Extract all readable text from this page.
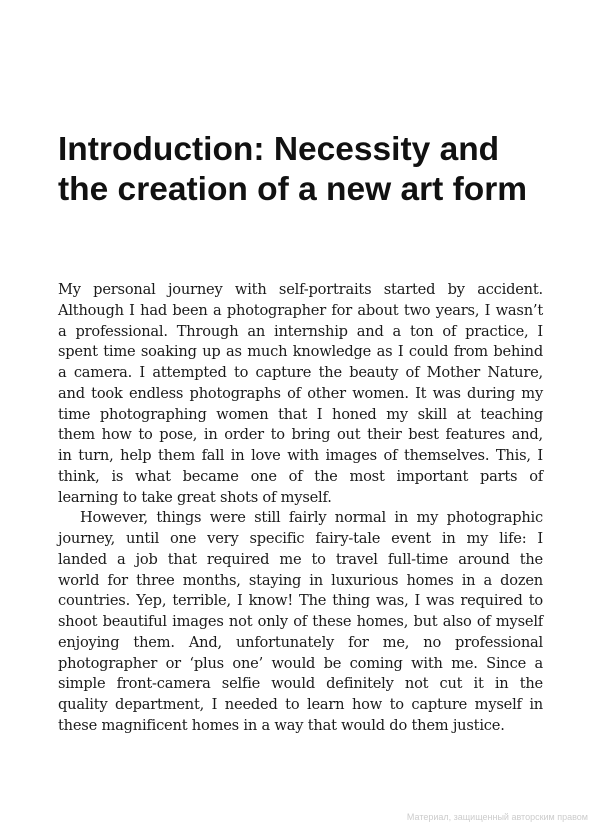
Introduction: Necessity and
the creation of a new art form
My personal journey with self-portraits started by accident.
Although I had been a photographer for about two years, I wasn’t
a professional. Through an internship and a ton of practice, I
spent time soaking up as much knowledge as I could from behind
a camera. I attempted to capture the beauty of Mother Nature,
and took endless photographs of other women. It was during my
time photographing women that I honed my skill at teaching
them how to pose, in order to bring out their best features and,
in turn, help them fall in love with images of themselves. This, I
think, is what became one of the most important parts of
learning to take great shots of myself.
However, things were still fairly normal in my photographic
journey, until one very specific fairy-tale event in my life: I
landed a job that required me to travel full-time around the
world for three months, staying in luxurious homes in a dozen
countries. Yep, terrible, I know! The thing was, I was required to
shoot beautiful images not only of these homes, but also of myself
enjoying them. And, unfortunately for me, no professional
photographer or ‘plus one’ would be coming with me. Since a
simple front-camera selfie would definitely not cut it in the
quality department, I needed to learn how to capture myself in
these magnificent homes in a way that would do them justice.
Материал, защищенный авторским правом
